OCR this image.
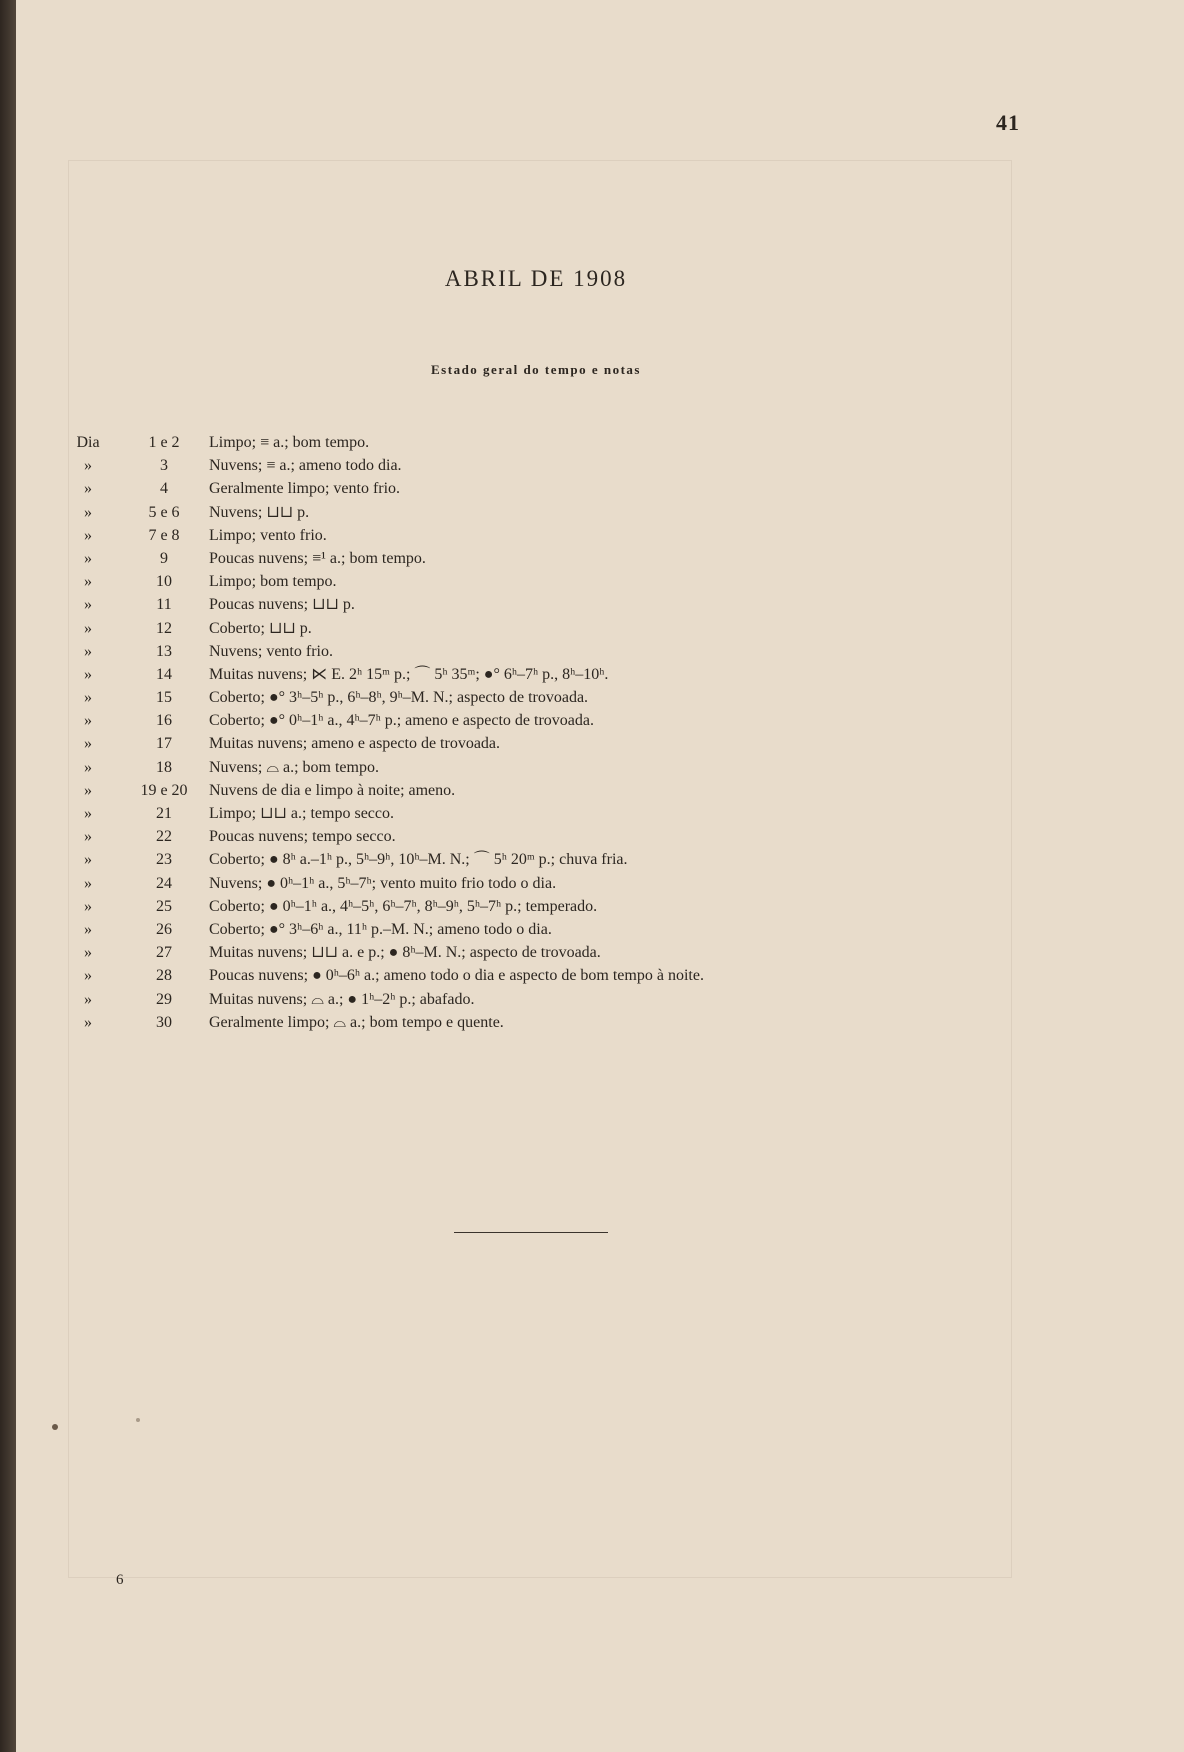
41
ABRIL DE 1908
Estado geral do tempo e notas
Dia	1 e 2	Limpo; ≡ a.; bom tempo.
»	3	Nuvens; ≡ a.; ameno todo dia.
»	4	Geralmente limpo; vento frio.
»	5 e 6	Nuvens; ⊔⊔ p.
»	7 e 8	Limpo; vento frio.
»	9	Poucas nuvens; ≡¹ a.; bom tempo.
»	10	Limpo; bom tempo.
»	11	Poucas nuvens; ⊔⊔ p.
»	12	Coberto; ⊔⊔ p.
»	13	Nuvens; vento frio.
»	14	Muitas nuvens; ⋉ E. 2ʰ 15ᵐ p.; ⌒ 5ʰ 35ᵐ; ●° 6ʰ–7ʰ p., 8ʰ–10ʰ.
»	15	Coberto; ●° 3ʰ–5ʰ p., 6ʰ–8ʰ, 9ʰ–M. N.; aspecto de trovoada.
»	16	Coberto; ●° 0ʰ–1ʰ a., 4ʰ–7ʰ p.; ameno e aspecto de trovoada.
»	17	Muitas nuvens; ameno e aspecto de trovoada.
»	18	Nuvens; ⌓ a.; bom tempo.
»	19 e 20	Nuvens de dia e limpo à noite; ameno.
»	21	Limpo; ⊔⊔ a.; tempo secco.
»	22	Poucas nuvens; tempo secco.
»	23	Coberto; ● 8ʰ a.–1ʰ p., 5ʰ–9ʰ, 10ʰ–M. N.; ⌒ 5ʰ 20ᵐ p.; chuva fria.
»	24	Nuvens; ● 0ʰ–1ʰ a., 5ʰ–7ʰ; vento muito frio todo o dia.
»	25	Coberto; ● 0ʰ–1ʰ a., 4ʰ–5ʰ, 6ʰ–7ʰ, 8ʰ–9ʰ, 5ʰ–7ʰ p.; temperado.
»	26	Coberto; ●° 3ʰ–6ʰ a., 11ʰ p.–M. N.; ameno todo o dia.
»	27	Muitas nuvens; ⊔⊔ a. e p.; ● 8ʰ–M. N.; aspecto de trovoada.
»	28	Poucas nuvens; ● 0ʰ–6ʰ a.; ameno todo o dia e aspecto de bom tempo à noite.
»	29	Muitas nuvens; ⌓ a.; ● 1ʰ–2ʰ p.; abafado.
»	30	Geralmente limpo; ⌓ a.; bom tempo e quente.
6
